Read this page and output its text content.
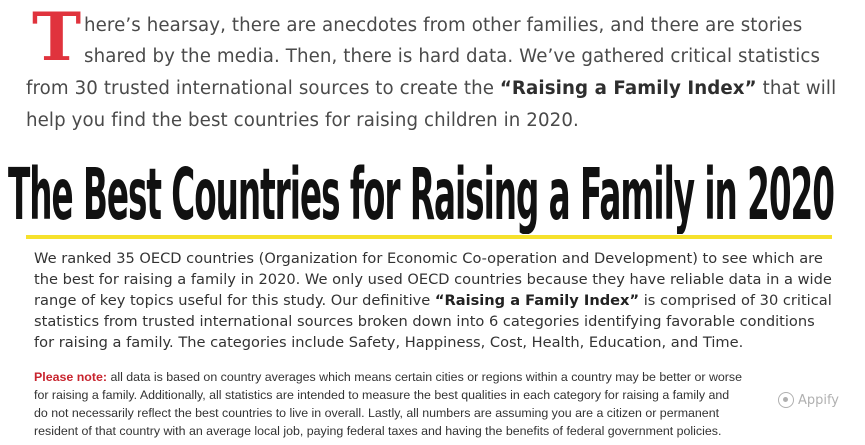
T here’s hearsay, there are anecdotes from other families, and there are stories
shared by the media. Then, there is hard data. We’ve gathered critical statistics
from 30 trusted international sources to create the “Raising a Family Index” that will
help you find the best countries for raising children in 2020.
The Best Countries for Raising a Family in 2020
We ranked 35 OECD countries (Organization for Economic Co-operation and Development) to see which are
the best for raising a family in 2020. We only used OECD countries because they have reliable data in a wide
range of key topics useful for this study. Our definitive “Raising a Family Index” is comprised of 30 critical
statistics from trusted international sources broken down into 6 categories identifying favorable conditions
for raising a family. The categories include Safety, Happiness, Cost, Health, Education, and Time.
Please note: all data is based on country averages which means certain cities or regions within a country may be better or worse
for raising a family. Additionally, all statistics are intended to measure the best qualities in each category for raising a family and
do not necessarily reflect the best countries to live in overall. Lastly, all numbers are assuming you are a citizen or permanent
resident of that country with an average local job, paying federal taxes and having the benefits of federal government policies.
Appify
